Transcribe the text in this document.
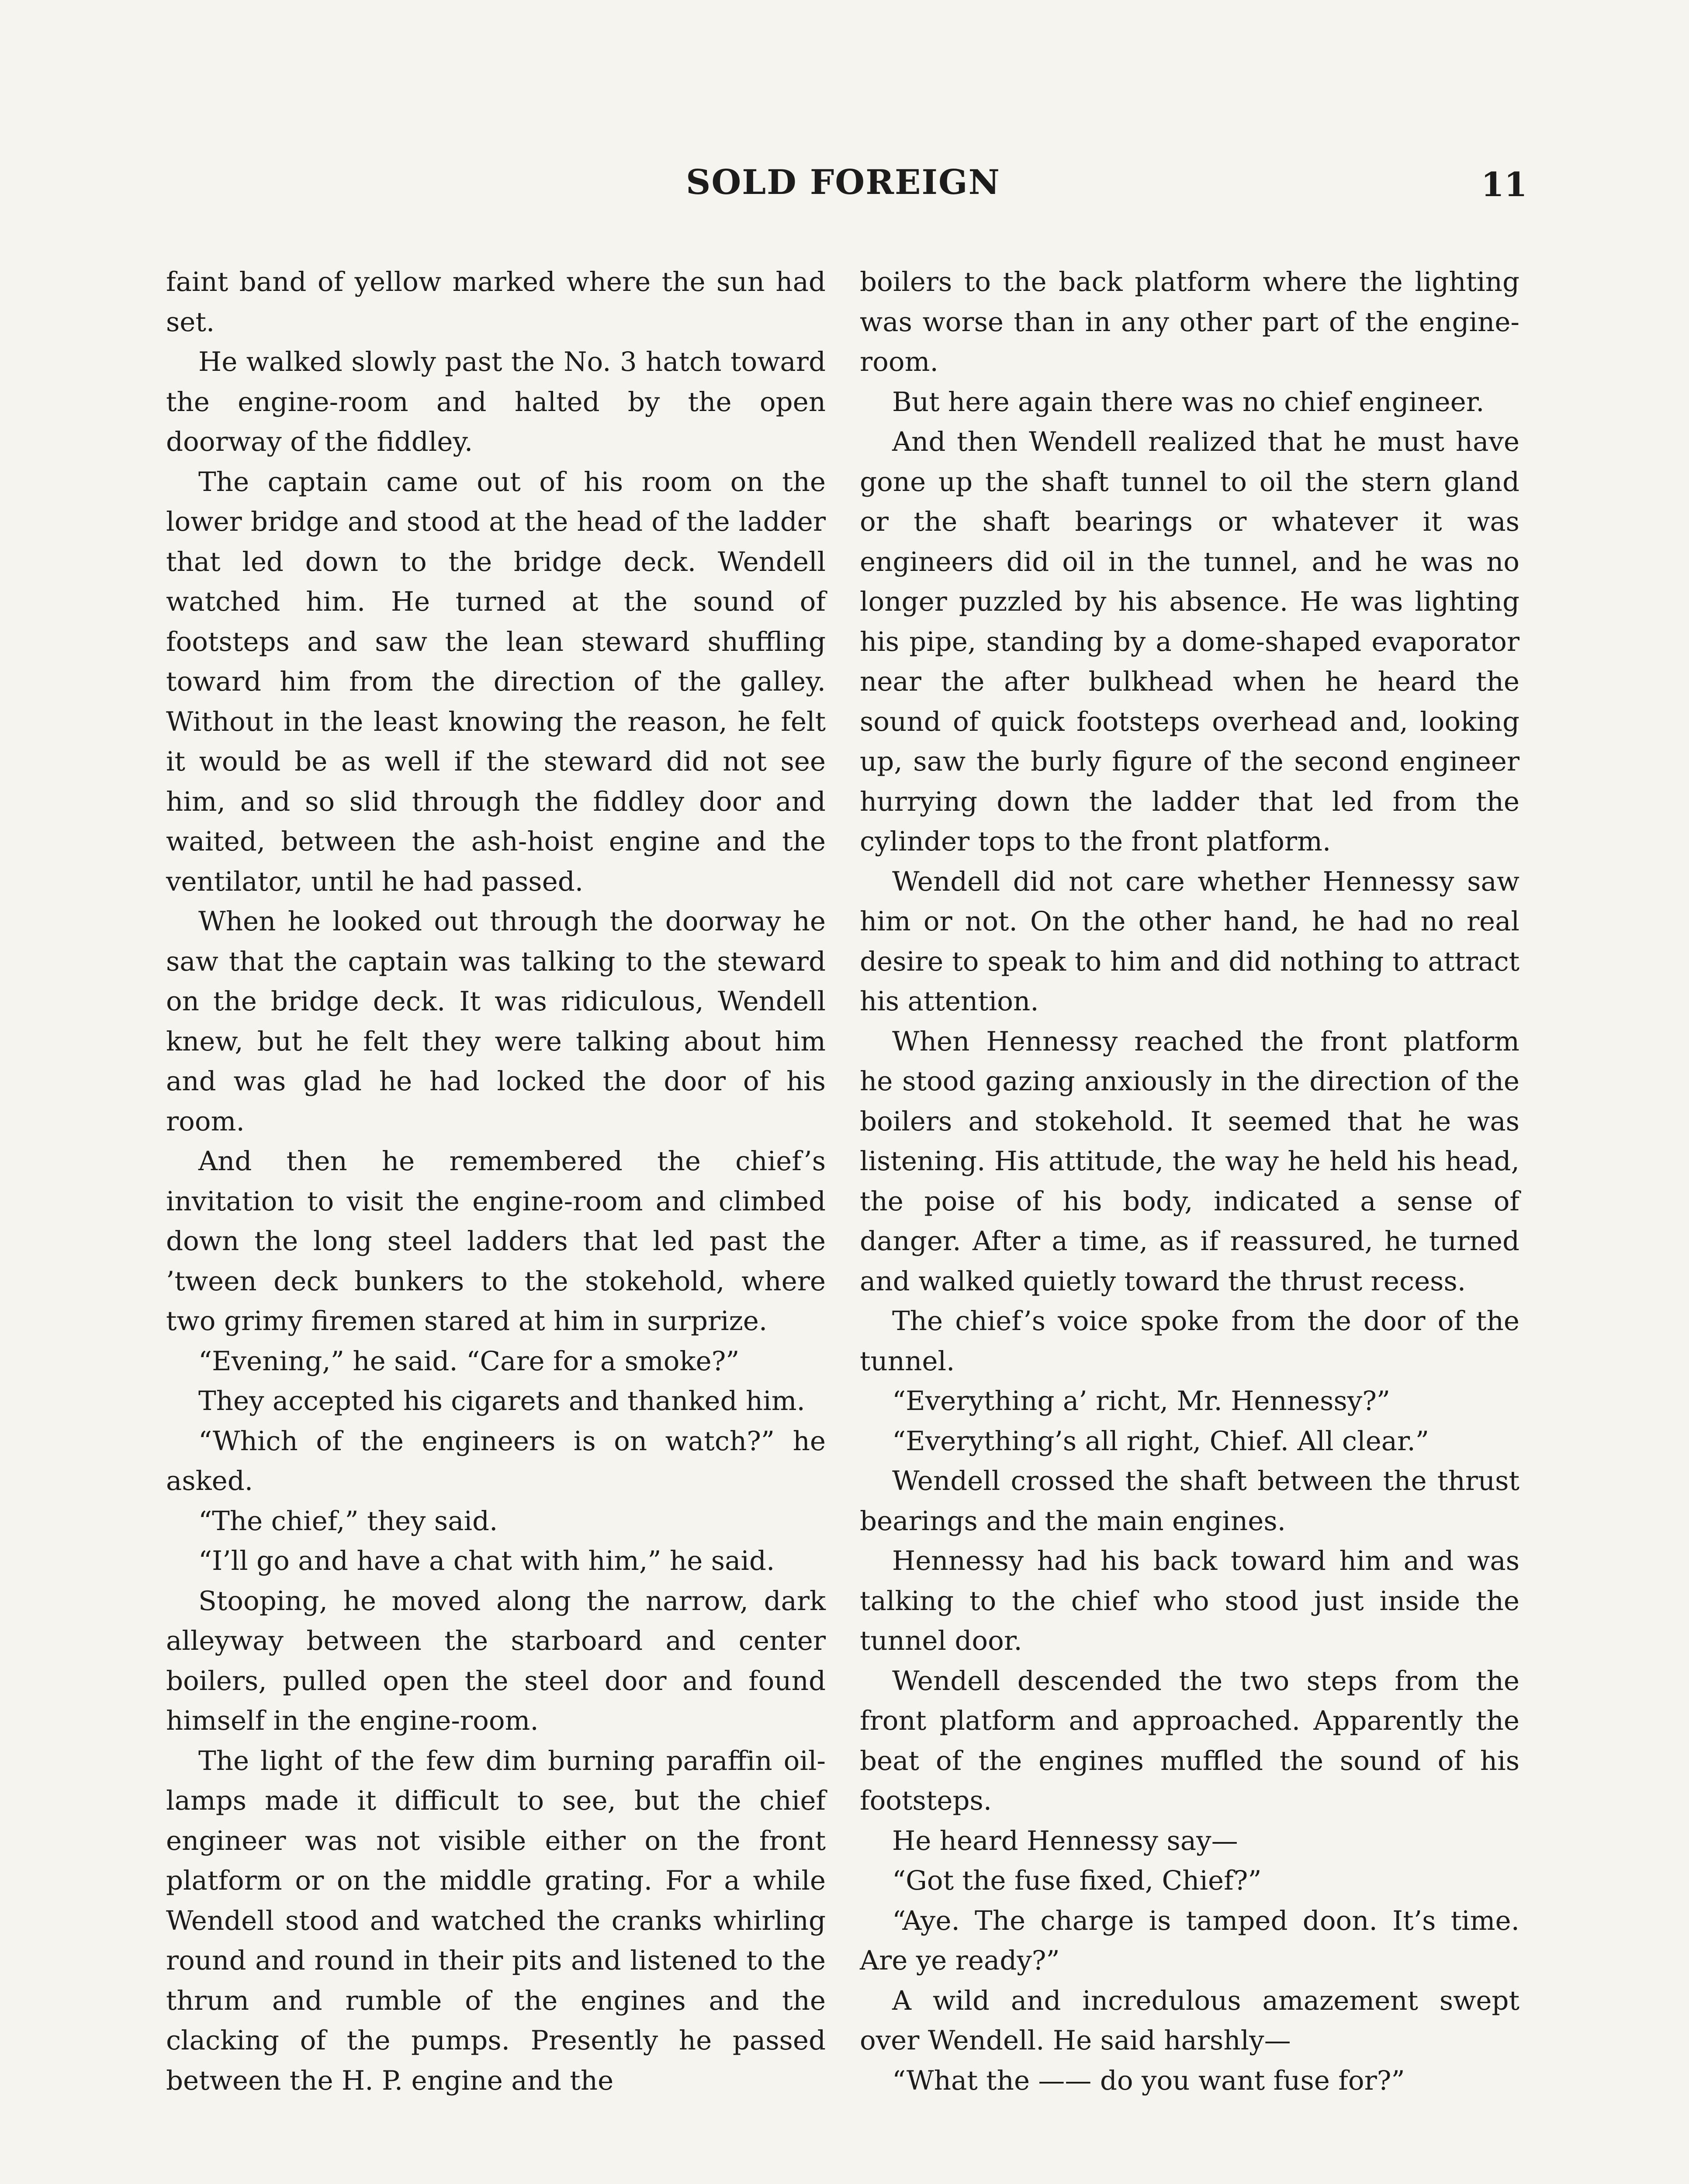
SOLD FOREIGN	11

faint band of yellow marked where the sun had set.

He walked slowly past the No. 3 hatch toward the engine-room and halted by the open doorway of the fiddley.

The captain came out of his room on the lower bridge and stood at the head of the ladder that led down to the bridge deck. Wendell watched him. He turned at the sound of footsteps and saw the lean steward shuffling toward him from the direction of the galley. Without in the least knowing the reason, he felt it would be as well if the steward did not see him, and so slid through the fiddley door and waited, between the ash-hoist engine and the ventilator, until he had passed.

When he looked out through the doorway he saw that the captain was talking to the steward on the bridge deck. It was ridiculous, Wendell knew, but he felt they were talking about him and was glad he had locked the door of his room.

And then he remembered the chief’s invitation to visit the engine-room and climbed down the long steel ladders that led past the ’tween deck bunkers to the stokehold, where two grimy firemen stared at him in surprize.

“Evening,” he said. “Care for a smoke?”

They accepted his cigarets and thanked him.

“Which of the engineers is on watch?” he asked.

“The chief,” they said.

“I’ll go and have a chat with him,” he said.

Stooping, he moved along the narrow, dark alleyway between the starboard and center boilers, pulled open the steel door and found himself in the engine-room.

The light of the few dim burning paraffin oil-lamps made it difficult to see, but the chief engineer was not visible either on the front platform or on the middle grating. For a while Wendell stood and watched the cranks whirling round and round in their pits and listened to the thrum and rumble of the engines and the clacking of the pumps. Presently he passed between the H. P. engine and the

boilers to the back platform where the lighting was worse than in any other part of the engine-room.

But here again there was no chief engineer.

And then Wendell realized that he must have gone up the shaft tunnel to oil the stern gland or the shaft bearings or whatever it was engineers did oil in the tunnel, and he was no longer puzzled by his absence. He was lighting his pipe, standing by a dome-shaped evaporator near the after bulkhead when he heard the sound of quick footsteps overhead and, looking up, saw the burly figure of the second engineer hurrying down the ladder that led from the cylinder tops to the front platform.

Wendell did not care whether Hennessy saw him or not. On the other hand, he had no real desire to speak to him and did nothing to attract his attention.

When Hennessy reached the front platform he stood gazing anxiously in the direction of the boilers and stokehold. It seemed that he was listening. His attitude, the way he held his head, the poise of his body, indicated a sense of danger. After a time, as if reassured, he turned and walked quietly toward the thrust recess.

The chief’s voice spoke from the door of the tunnel.

“Everything a’ richt, Mr. Hennessy?”

“Everything’s all right, Chief. All clear.”

Wendell crossed the shaft between the thrust bearings and the main engines.

Hennessy had his back toward him and was talking to the chief who stood just inside the tunnel door.

Wendell descended the two steps from the front platform and approached. Apparently the beat of the engines muffled the sound of his footsteps.

He heard Hennessy say—

“Got the fuse fixed, Chief?”

“Aye. The charge is tamped doon. It’s time. Are ye ready?”

A wild and incredulous amazement swept over Wendell. He said harshly—

“What the —— do you want fuse for?”
